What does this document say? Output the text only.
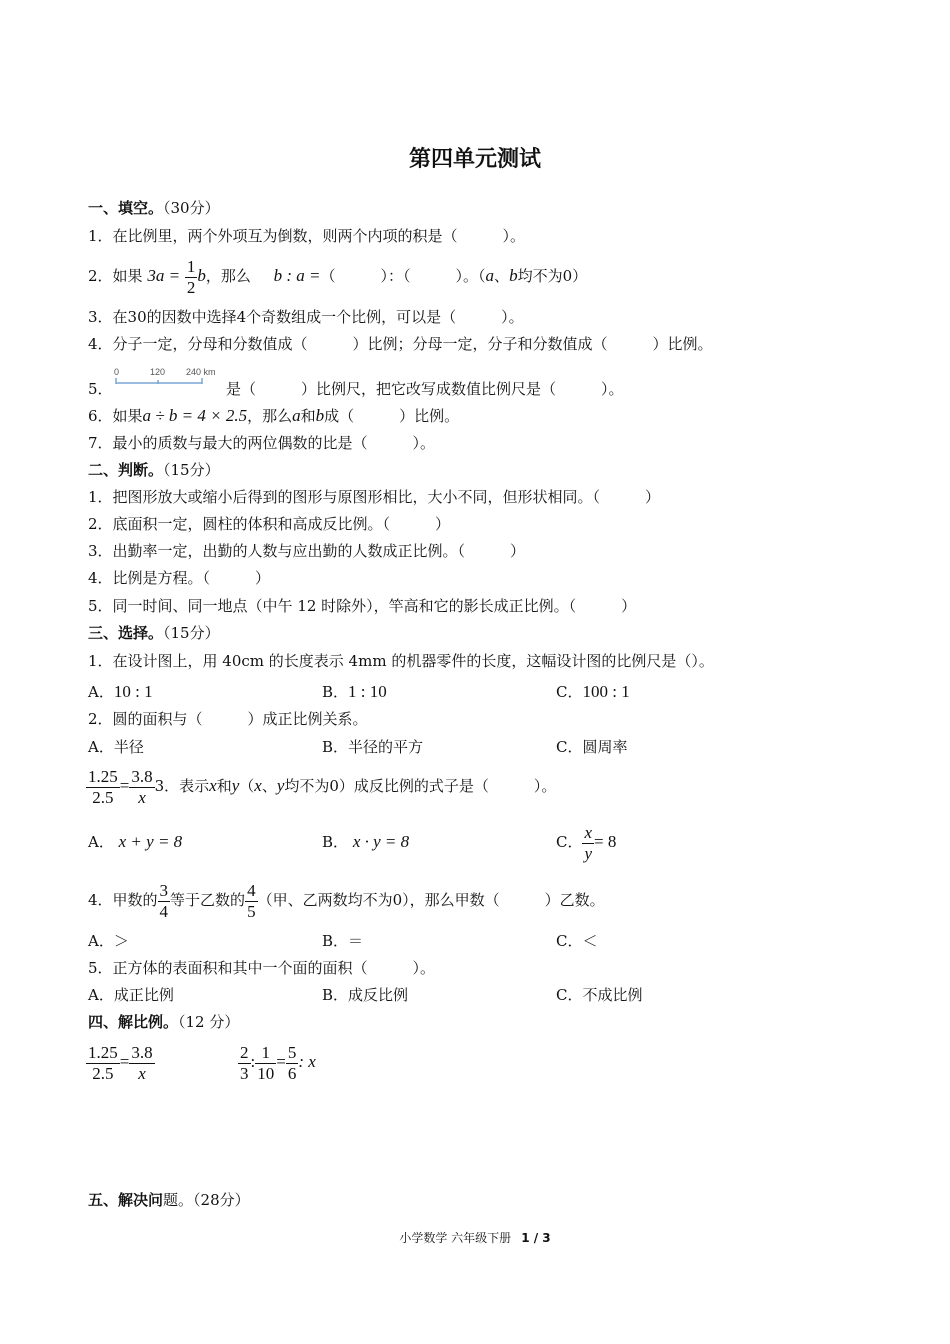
第四单元测试
一、填空。（30分）
1．在比例里，两个外项互为倒数，则两个内项的积是（　　　）。
2．如果 $3a = \frac{1}{2}$ b，那么 b : a =（　　　）：（　　　）。（a、b均不为0）
3．在30的因数中选择4个奇数组成一个比例，可以是（　　　）。
4．分子一定，分母和分数值成（　　　）比例；分母一定，分子和分数值成（　　　）比例。
5．
0	120 240 km
是（　　　）比例尺，把它改写成数值比例尺是（　　　）。
6．如果a ÷ b = 4 × 2.5，那么a和b成（　　　）比例。
7．最小的质数与最大的两位偶数的比是（　　　）。
二、判断。（15分）
1．把图形放大或缩小后得到的图形与原图形相比，大小不同，但形状相同。（　　　）
2．底面积一定，圆柱的体积和高成反比例。（　　　）
3．出勤率一定，出勤的人数与应出勤的人数成正比例。（　　　）
4．比例是方程。（　　　）
5．同一时间、同一地点（中午 12 时除外），竿高和它的影长成正比例。（　　　）
三、选择。（15分）
1．在设计图上，用 40cm 的长度表示 4mm 的机器零件的长度，这幅设计图的比例尺是（）。
A．10 : 1	B．1 : 10	C．100 : 1
2．圆的面积与（　　　）成正比例关系。
A．半径	B．半径的平方	C．圆周率
$\frac{1.25}{2.5} = \frac{3.8}{x} 3$．表示x和y（x、y均不为0）成反比例的式子是（　　　）。
A． x + y = 8	B． x · y = 8	C． $\frac{x}{y} = 8$
4．甲数的 $\frac{3}{4}$ 等于乙数的 $\frac{4}{5}$ （甲、乙两数均不为0），那么甲数（　　　）乙数。
A．＞	B．＝	C．＜
5．正方体的表面积和其中一个面的面积（　　　）。
A．成正比例	B．成反比例	C．不成比例
四、解比例。（12 分）
$\frac{1.25}{2.5} = \frac{3.8}{x}$	$\frac{2}{3}$ : $\frac{1}{10} = \frac{5}{6}$ : x
五、解决问题。（28分）
小学数学 六年级下册 1 / 3
